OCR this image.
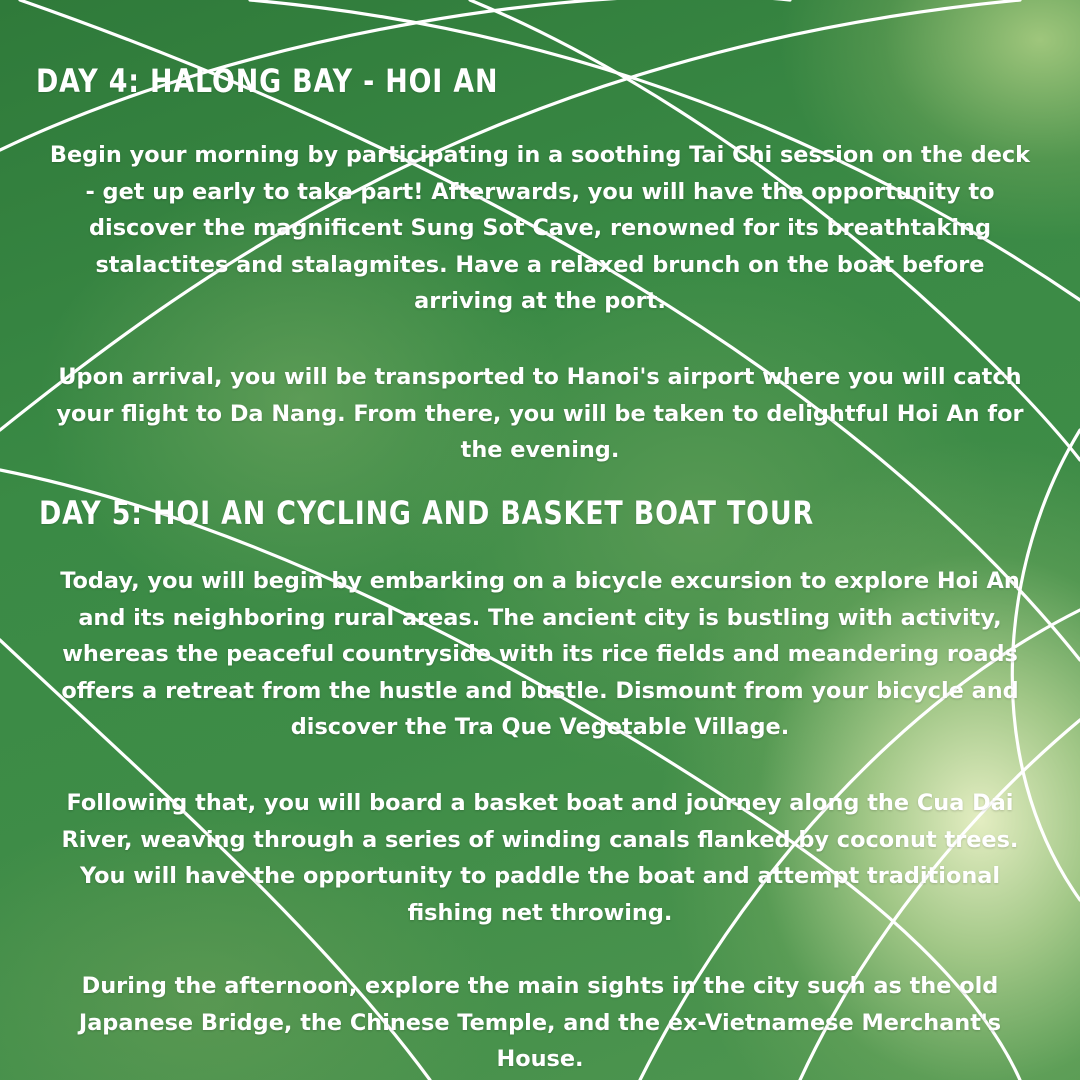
DAY 4: HALONG BAY - HOI AN

Begin your morning by participating in a soothing Tai Chi session on the deck
- get up early to take part! Afterwards, you will have the opportunity to
discover the magnificent Sung Sot Cave, renowned for its breathtaking
stalactites and stalagmites. Have a relaxed brunch on the boat before
arriving at the port.

Upon arrival, you will be transported to Hanoi's airport where you will catch
your flight to Da Nang. From there, you will be taken to delightful Hoi An for
the evening.

DAY 5: HOI AN CYCLING AND BASKET BOAT TOUR

Today, you will begin by embarking on a bicycle excursion to explore Hoi An
and its neighboring rural areas. The ancient city is bustling with activity,
whereas the peaceful countryside with its rice fields and meandering roads
offers a retreat from the hustle and bustle. Dismount from your bicycle and
discover the Tra Que Vegetable Village.

Following that, you will board a basket boat and journey along the Cua Dai
River, weaving through a series of winding canals flanked by coconut trees.
You will have the opportunity to paddle the boat and attempt traditional
fishing net throwing.

During the afternoon, explore the main sights in the city such as the old
Japanese Bridge, the Chinese Temple, and the ex-Vietnamese Merchant's
House.
